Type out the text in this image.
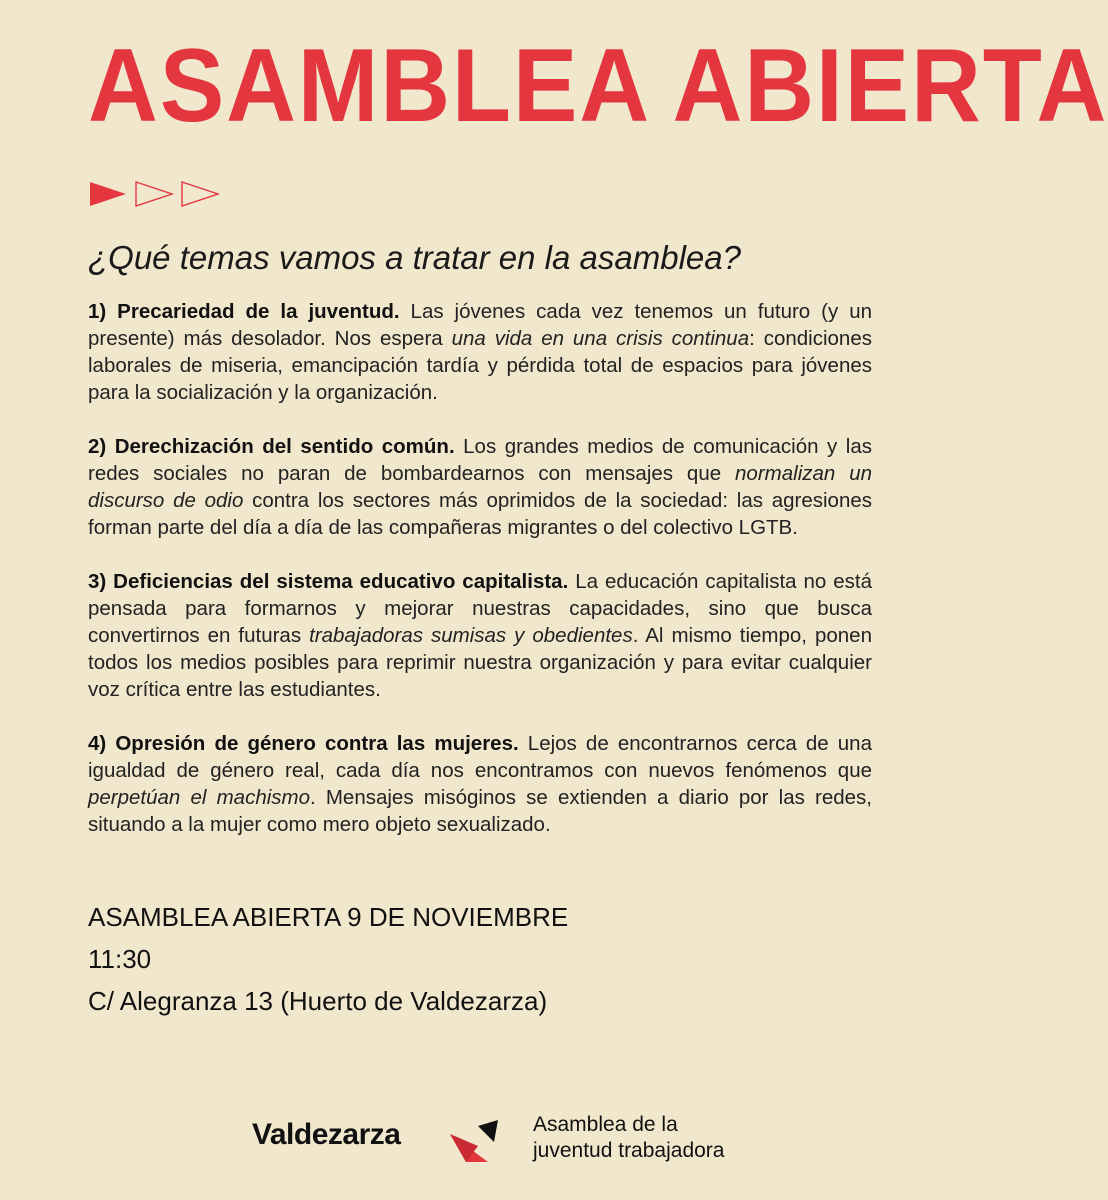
ASAMBLEA ABIERTA
¿Qué temas vamos a tratar en la asamblea?

1) Precariedad de la juventud. Las jóvenes cada vez tenemos un futuro (y un presente) más desolador. Nos espera una vida en una crisis continua: condiciones laborales de miseria, emancipación tardía y pérdida total de espacios para jóvenes para la socialización y la organización.

2) Derechización del sentido común. Los grandes medios de comunicación y las redes sociales no paran de bombardearnos con mensajes que normalizan un discurso de odio contra los sectores más oprimidos de la sociedad: las agresiones forman parte del día a día de las compañeras migrantes o del colectivo LGTB.

3) Deficiencias del sistema educativo capitalista. La educación capitalista no está pensada para formarnos y mejorar nuestras capacidades, sino que busca convertirnos en futuras trabajadoras sumisas y obedientes. Al mismo tiempo, ponen todos los medios posibles para reprimir nuestra organización y para evitar cualquier voz crítica entre las estudiantes.

4) Opresión de género contra las mujeres. Lejos de encontrarnos cerca de una igualdad de género real, cada día nos encontramos con nuevos fenómenos que perpetúan el machismo. Mensajes misóginos se extienden a diario por las redes, situando a la mujer como mero objeto sexualizado.

ASAMBLEA ABIERTA 9 DE NOVIEMBRE
11:30
C/ Alegranza 13 (Huerto de Valdezarza)
Valdezarza	Asamblea de la
juventud trabajadora
